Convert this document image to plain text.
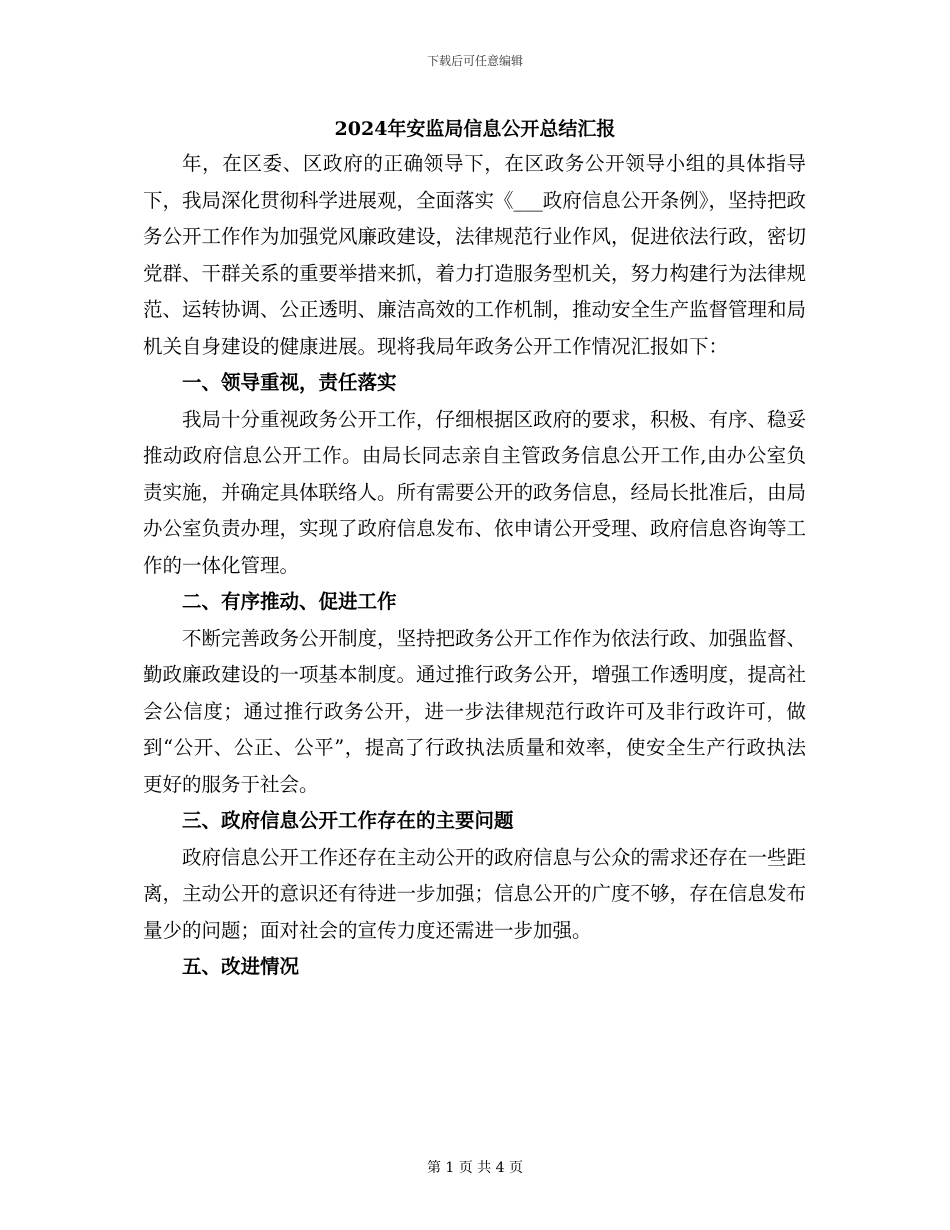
下载后可任意编辑
2024年安监局信息公开总结汇报

年，在区委、区政府的正确领导下，在区政务公开领导小组的具体指导下，我局深化贯彻科学进展观，全面落实《___政府信息公开条例》，坚持把政务公开工作作为加强党风廉政建设，法律规范行业作风，促进依法行政，密切党群、干群关系的重要举措来抓，着力打造服务型机关，努力构建行为法律规范、运转协调、公正透明、廉洁高效的工作机制，推动安全生产监督管理和局机关自身建设的健康进展。现将我局年政务公开工作情况汇报如下：

一、领导重视，责任落实

我局十分重视政务公开工作，仔细根据区政府的要求，积极、有序、稳妥推动政府信息公开工作。由局长同志亲自主管政务信息公开工作,由办公室负责实施，并确定具体联络人。所有需要公开的政务信息，经局长批准后，由局办公室负责办理，实现了政府信息发布、依申请公开受理、政府信息咨询等工作的一体化管理。

二、有序推动、促进工作

不断完善政务公开制度，坚持把政务公开工作作为依法行政、加强监督、勤政廉政建设的一项基本制度。通过推行政务公开，增强工作透明度，提高社会公信度；通过推行政务公开，进一步法律规范行政许可及非行政许可，做到“公开、公正、公平”，提高了行政执法质量和效率，使安全生产行政执法更好的服务于社会。

三、政府信息公开工作存在的主要问题

政府信息公开工作还存在主动公开的政府信息与公众的需求还存在一些距离，主动公开的意识还有待进一步加强；信息公开的广度不够，存在信息发布量少的问题；面对社会的宣传力度还需进一步加强。

五、改进情况
第 1 页 共 4 页
